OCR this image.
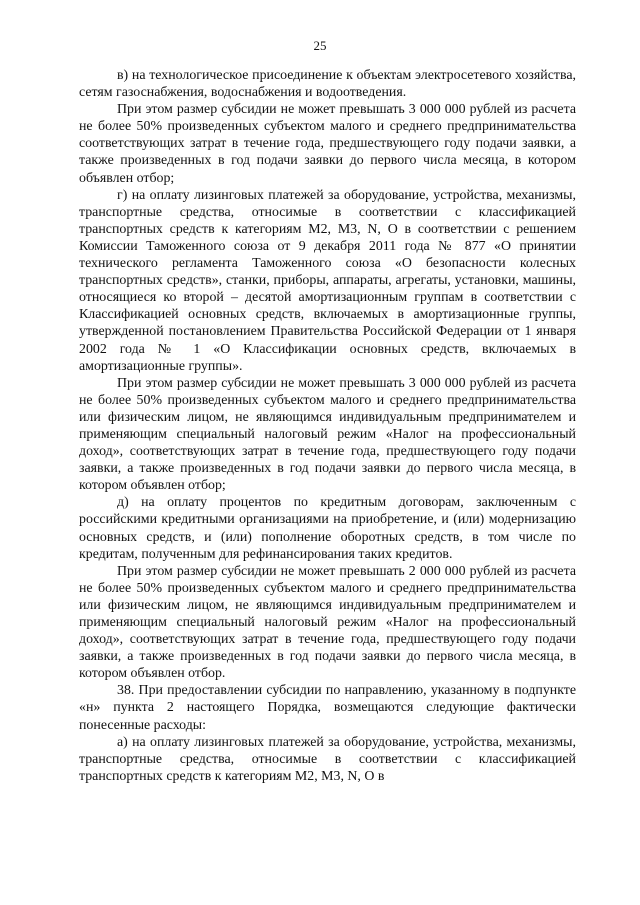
25

в) на технологическое присоединение к объектам электросетевого хозяйства, сетям газоснабжения, водоснабжения и водоотведения.

При этом размер субсидии не может превышать 3 000 000 рублей из расчета не более 50% произведенных субъектом малого и среднего предпринимательства соответствующих затрат в течение года, предшествующего году подачи заявки, а также произведенных в год подачи заявки до первого числа месяца, в котором объявлен отбор;

г) на оплату лизинговых платежей за оборудование, устройства, механизмы, транспортные средства, относимые в соответствии с классификацией транспортных средств к категориям М2, М3, N, О в соответствии с решением Комиссии Таможенного союза от 9 декабря 2011 года № 877 «О принятии технического регламента Таможенного союза «О безопасности колесных транспортных средств», станки, приборы, аппараты, агрегаты, установки, машины, относящиеся ко второй – десятой амортизационным группам в соответствии с Классификацией основных средств, включаемых в амортизационные группы, утвержденной постановлением Правительства Российской Федерации от 1 января 2002 года № 1 «О Классификации основных средств, включаемых в амортизационные группы».

При этом размер субсидии не может превышать 3 000 000 рублей из расчета не более 50% произведенных субъектом малого и среднего предпринимательства или физическим лицом, не являющимся индивидуальным предпринимателем и применяющим специальный налоговый режим «Налог на профессиональный доход», соответствующих затрат в течение года, предшествующего году подачи заявки, а также произведенных в год подачи заявки до первого числа месяца, в котором объявлен отбор;

д) на оплату процентов по кредитным договорам, заключенным с российскими кредитными организациями на приобретение, и (или) модернизацию основных средств, и (или) пополнение оборотных средств, в том числе по кредитам, полученным для рефинансирования таких кредитов.

При этом размер субсидии не может превышать 2 000 000 рублей из расчета не более 50% произведенных субъектом малого и среднего предпринимательства или физическим лицом, не являющимся индивидуальным предпринимателем и применяющим специальный налоговый режим «Налог на профессиональный доход», соответствующих затрат в течение года, предшествующего году подачи заявки, а также произведенных в год подачи заявки до первого числа месяца, в котором объявлен отбор.

38. При предоставлении субсидии по направлению, указанному в подпункте «н» пункта 2 настоящего Порядка, возмещаются следующие фактически понесенные расходы:

а) на оплату лизинговых платежей за оборудование, устройства, механизмы, транспортные средства, относимые в соответствии с классификацией транспортных средств к категориям М2, М3, N, О в
